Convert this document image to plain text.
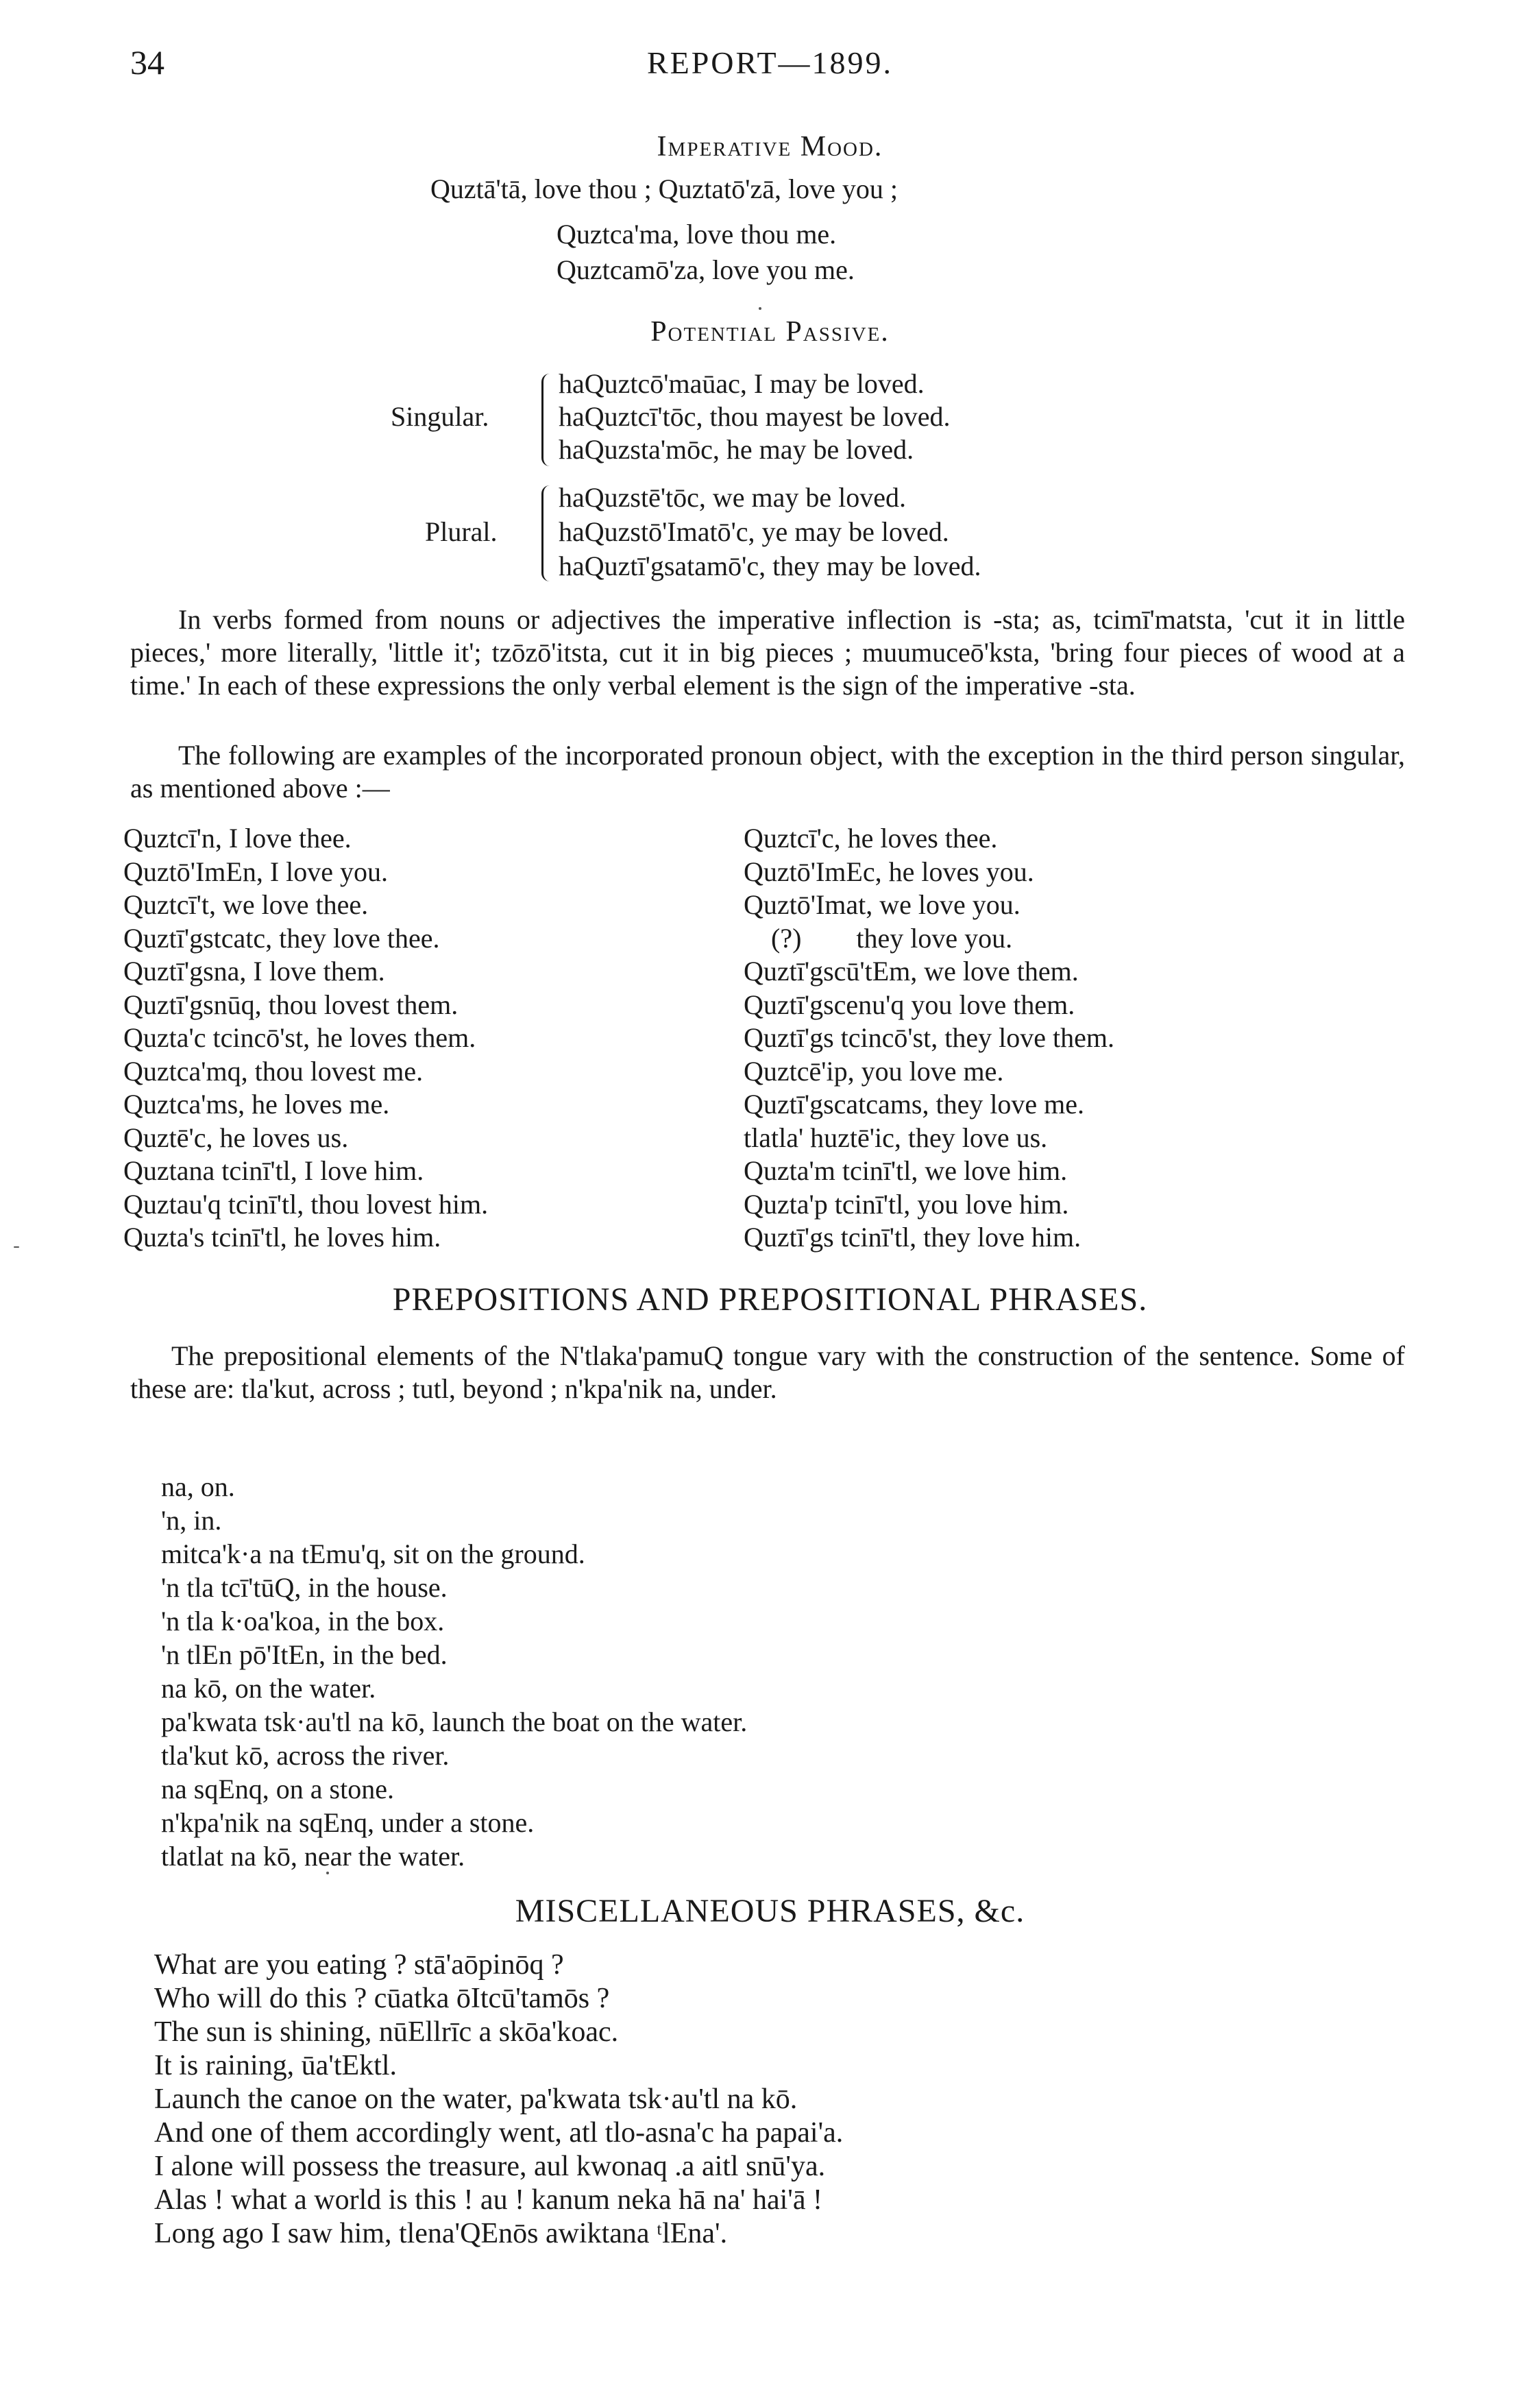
34	REPORT—1899.
Imperative Mood.
Quztā'tā, love thou ; Quztatō'zā, love you ;
Quztca'ma, love thou me.
Quztcamō'za, love you me.
Potential Passive.
Singular.
haQuztcō'maūac, I may be loved.
haQuztcī'tōc, thou mayest be loved.
haQuzsta'mōc, he may be loved.
Plural.
haQuzstē'tōc, we may be loved.
haQuzstō'Imatō'c, ye may be loved.
haQuztī'gsatamō'c, they may be loved.
In verbs formed from nouns or adjectives the imperative inflection is -sta; as, tcimī'matsta, 'cut it in little pieces,' more literally, 'little it'; tzōzō'itsta, cut it in big pieces ; muumuceō'ksta, 'bring four pieces of wood at a time.' In each of these expressions the only verbal element is the sign of the imperative -sta.
The following are examples of the incorporated pronoun object, with the exception in the third person singular, as mentioned above :—
Quztcī'n, I love thee.
Quztō'ImEn, I love you.
Quztcī't, we love thee.
Quztī'gstcatc, they love thee.
Quztī'gsna, I love them.
Quztī'gsnūq, thou lovest them.
Quzta'c tcincō'st, he loves them.
Quztca'mq, thou lovest me.
Quztca'ms, he loves me.
Quztē'c, he loves us.
Quztana tcinī'tl, I love him.
Quztau'q tcinī'tl, thou lovest him.
Quzta's tcinī'tl, he loves him.
Quztcī'c, he loves thee.
Quztō'ImEc, he loves you.
Quztō'Imat, we love you.
(?)        they love you.
Quztī'gscū'tEm, we love them.
Quztī'gscenu'q you love them.
Quztī'gs tcincō'st, they love them.
Quztcē'ip, you love me.
Quztī'gscatcams, they love me.
tlatla' huztē'ic, they love us.
Quzta'm tcinī'tl, we love him.
Quzta'p tcinī'tl, you love him.
Quztī'gs tcinī'tl, they love him.
PREPOSITIONS AND PREPOSITIONAL PHRASES.
The prepositional elements of the N'tlaka'pamuQ tongue vary with the construction of the sentence. Some of these are: tla'kut, across ; tutl, beyond ; n'kpa'nik na, under.
na, on.
'n, in.
mitca'k·a na tEmu'q, sit on the ground.
'n tla tcī'tūQ, in the house.
'n tla k·oa'koa, in the box.
'n tlEn pō'ItEn, in the bed.
na kō, on the water.
pa'kwata tsk·au'tl na kō, launch the boat on the water.
tla'kut kō, across the river.
na sqEnq, on a stone.
n'kpa'nik na sqEnq, under a stone.
tlatlat na kō, near the water.
MISCELLANEOUS PHRASES, &c.
What are you eating ? stā'aōpinōq ?
Who will do this ? cūatka ōItcū'tamōs ?
The sun is shining, nūEllrīc a skōa'koac.
It is raining, ūa'tEktl.
Launch the canoe on the water, pa'kwata tsk·au'tl na kō.
And one of them accordingly went, atl tlo-asna'c ha papai'a.
I alone will possess the treasure, aul kwonaq .a aitl snū'ya.
Alas ! what a world is this ! au ! kanum neka hā na' hai'ā !
Long ago I saw him, tlena'QEnōs awiktana ᵗlEna'.
